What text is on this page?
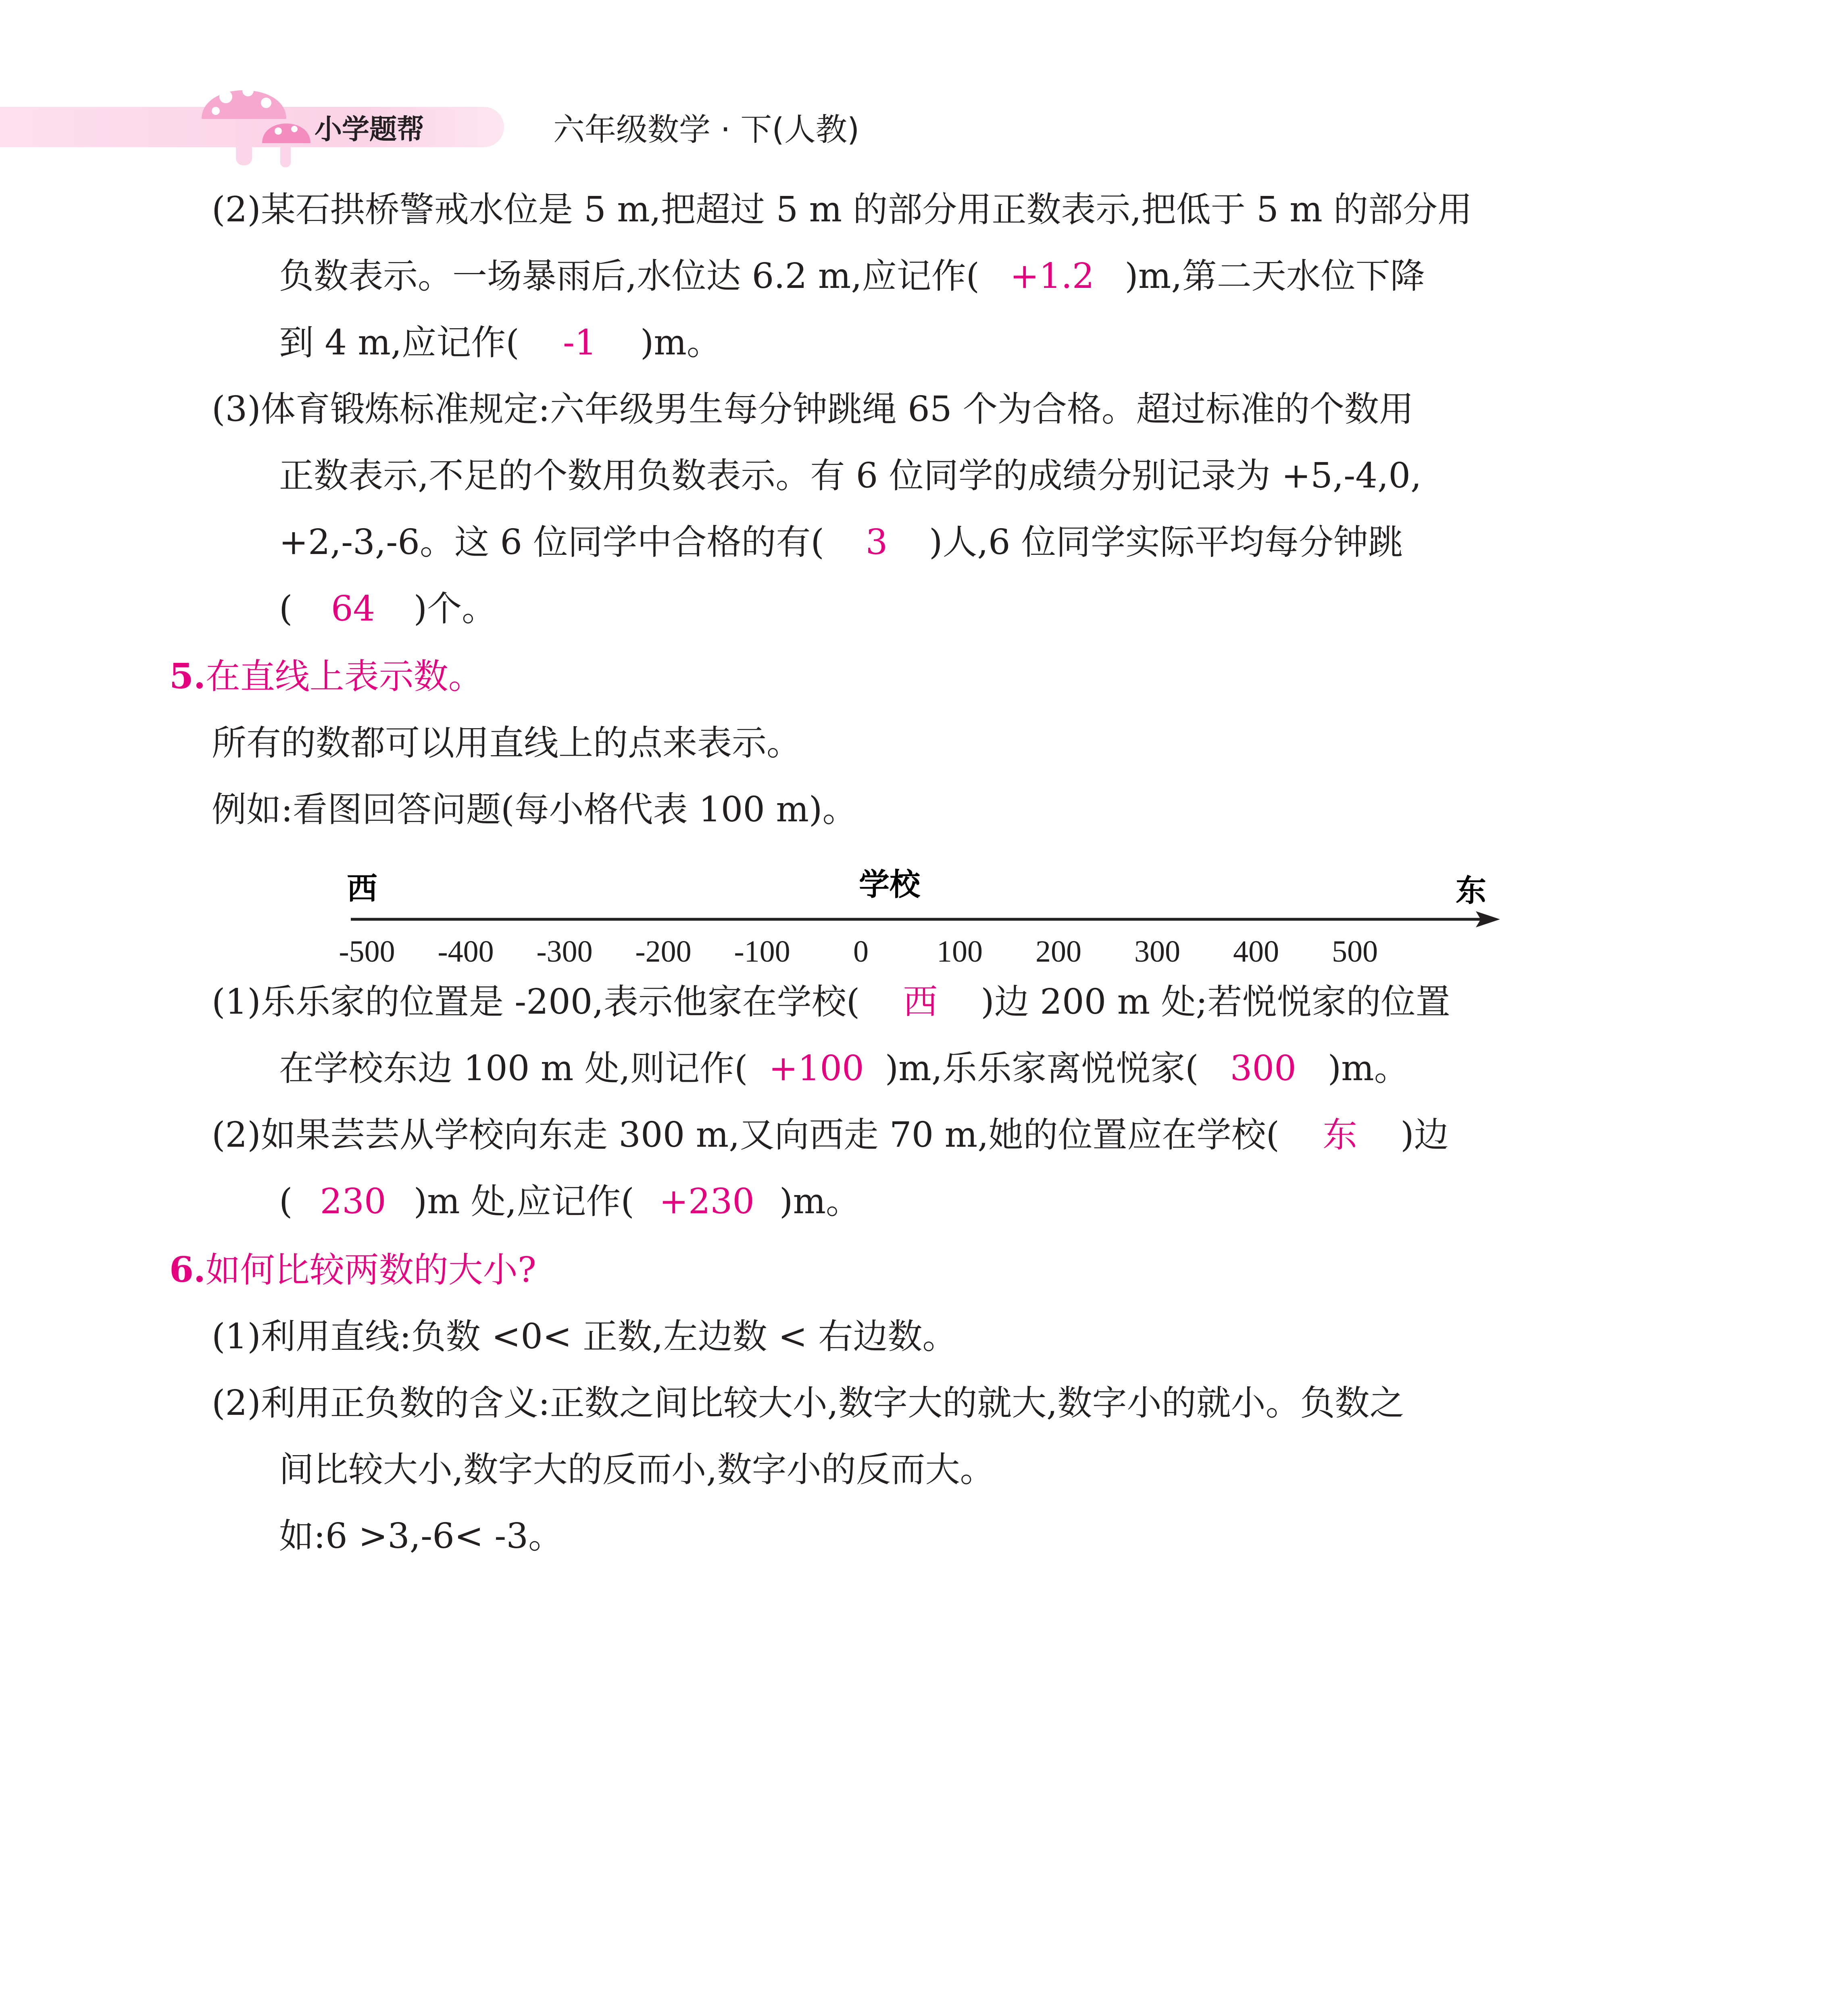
小学题帮	六年级数学 · 下(人教)
(2)某石拱桥警戒水位是 5 m,把超过 5 m 的部分用正数表示,把低于 5 m 的部分用
负数表示。一场暴雨后,水位达 6.2 m,应记作( +1.2 )m,第二天水位下降
到 4 m,应记作( -1 )m。
(3)体育锻炼标准规定:六年级男生每分钟跳绳 65 个为合格。超过标准的个数用
正数表示,不足的个数用负数表示。有 6 位同学的成绩分别记录为 +5,-4,0,
+2,-3,-6。这 6 位同学中合格的有( 3 )人,6 位同学实际平均每分钟跳
( 64 )个。
5.在直线上表示数。
所有的数都可以用直线上的点来表示。
例如:看图回答问题(每小格代表 100 m)。
西	学校	东
-500 -400 -300 -200 -100 0 100 200 300 400 500
(1)乐乐家的位置是 -200,表示他家在学校( 西 )边 200 m 处;若悦悦家的位置
在学校东边 100 m 处,则记作( +100 )m,乐乐家离悦悦家( 300 )m。
(2)如果芸芸从学校向东走 300 m,又向西走 70 m,她的位置应在学校( 东 )边
( 230 )m 处,应记作( +230 )m。
6.如何比较两数的大小?
(1)利用直线:负数 <0< 正数,左边数 < 右边数。
(2)利用正负数的含义:正数之间比较大小,数字大的就大,数字小的就小。负数之
间比较大小,数字大的反而小,数字小的反而大。
如:6 >3,-6< -3。
